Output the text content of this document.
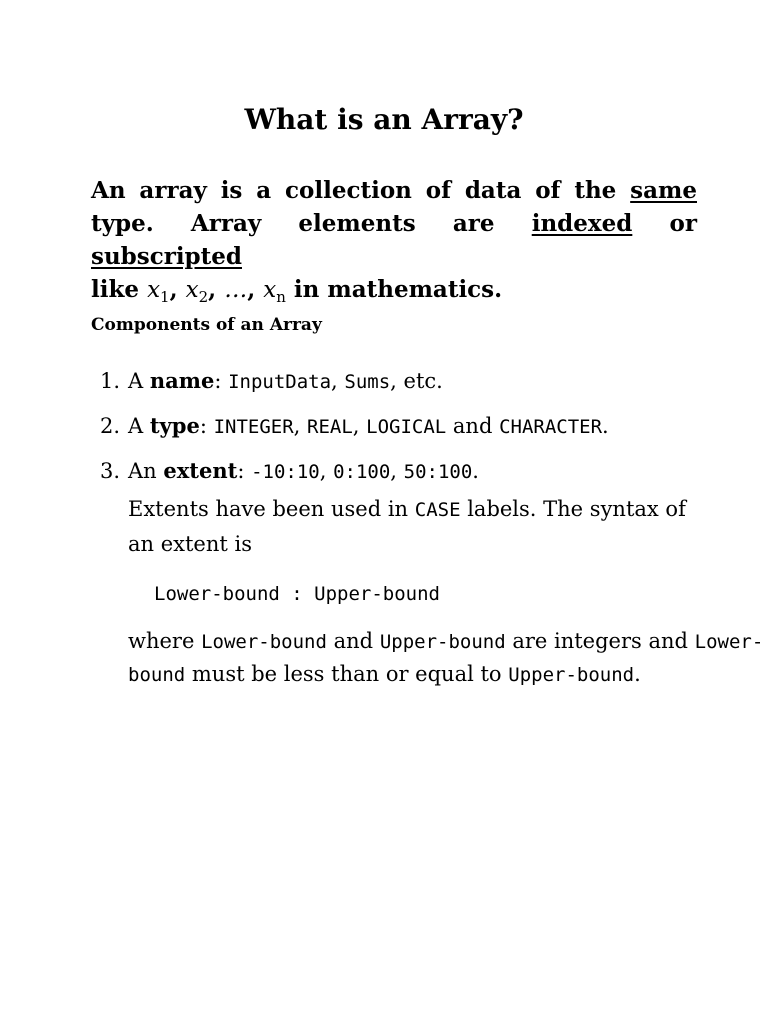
What is an Array?
An array is a collection of data of the same type. Array elements are indexed or subscripted
like $x_1$, $x_2$, …, $x_n$ in mathematics.
Components of an Array
1. A name: InputData, Sums, etc.
2. A type: INTEGER, REAL, LOGICAL and CHARACTER.
3. An extent: -10:10, 0:100, 50:100.
Extents have been used in CASE labels. The syntax of an extent is
Lower-bound : Upper-bound
where Lower-bound and Upper-bound are integers and Lower-bound must be less than or equal to Upper-bound.
